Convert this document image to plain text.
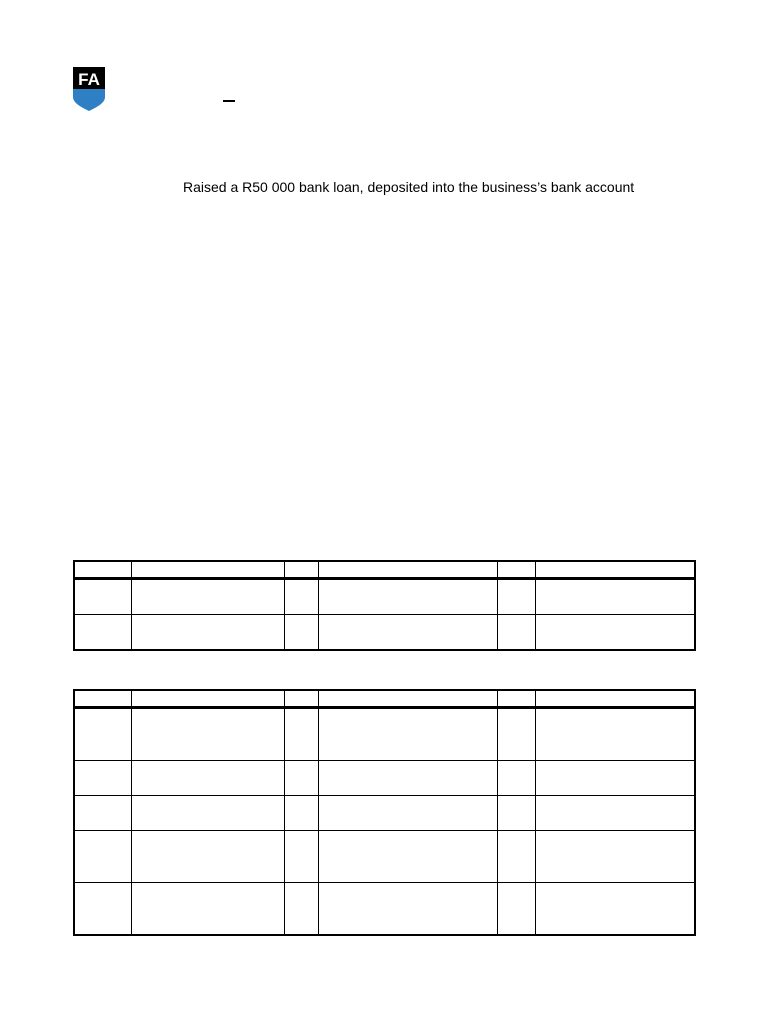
FA
Raised a R50 000 bank loan, deposited into the business’s bank account
